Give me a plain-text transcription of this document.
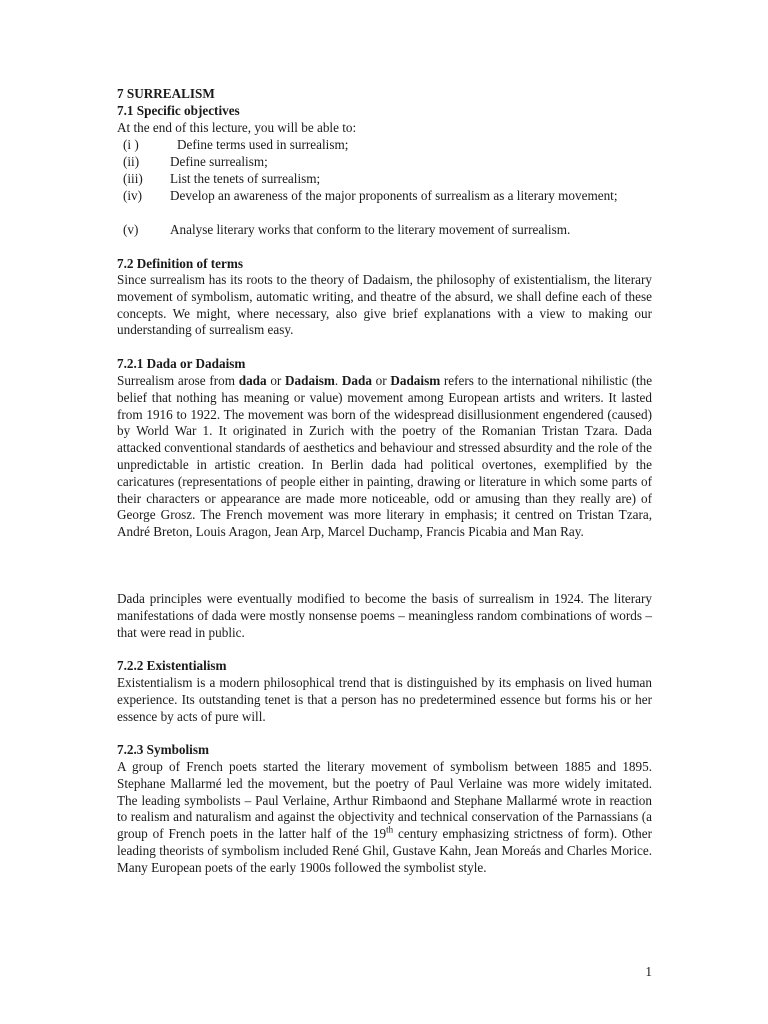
7 SURREALISM
7.1 Specific objectives
At the end of this lecture, you will be able to:
(i )	Define terms used in surrealism;
(ii) Define surrealism;
(iii) List the tenets of surrealism;
(iv) Develop an awareness of the major proponents of surrealism as a literary movement;
(v) Analyse literary works that conform to the literary movement of surrealism.
7.2 Definition of terms
Since surrealism has its roots to the theory of Dadaism, the philosophy of existentialism, the literary movement of symbolism, automatic writing, and theatre of the absurd, we shall define each of these concepts. We might, where necessary, also give brief explanations with a view to making our understanding of surrealism easy.
7.2.1 Dada or Dadaism
Surrealism arose from dada or Dadaism. Dada or Dadaism refers to the international nihilistic (the belief that nothing has meaning or value) movement among European artists and writers. It lasted from 1916 to 1922. The movement was born of the widespread disillusionment engendered (caused) by World War 1. It originated in Zurich with the poetry of the Romanian Tristan Tzara. Dada attacked conventional standards of aesthetics and behaviour and stressed absurdity and the role of the unpredictable in artistic creation. In Berlin dada had political overtones, exemplified by the caricatures (representations of people either in painting, drawing or literature in which some parts of their characters or appearance are made more noticeable, odd or amusing than they really are) of George Grosz. The French movement was more literary in emphasis; it centred on Tristan Tzara, André Breton, Louis Aragon, Jean Arp, Marcel Duchamp, Francis Picabia and Man Ray.
Dada principles were eventually modified to become the basis of surrealism in 1924. The literary manifestations of dada were mostly nonsense poems – meaningless random combinations of words – that were read in public.
7.2.2 Existentialism
Existentialism is a modern philosophical trend that is distinguished by its emphasis on lived human experience. Its outstanding tenet is that a person has no predetermined essence but forms his or her essence by acts of pure will.
7.2.3 Symbolism
A group of French poets started the literary movement of symbolism between 1885 and 1895. Stephane Mallarmé led the movement, but the poetry of Paul Verlaine was more widely imitated. The leading symbolists – Paul Verlaine, Arthur Rimbaond and Stephane Mallarmé wrote in reaction to realism and naturalism and against the objectivity and technical conservation of the Parnassians (a group of French poets in the latter half of the 19th century emphasizing strictness of form). Other leading theorists of symbolism included René Ghil, Gustave Kahn, Jean Moreás and Charles Morice. Many European poets of the early 1900s followed the symbolist style.
1
